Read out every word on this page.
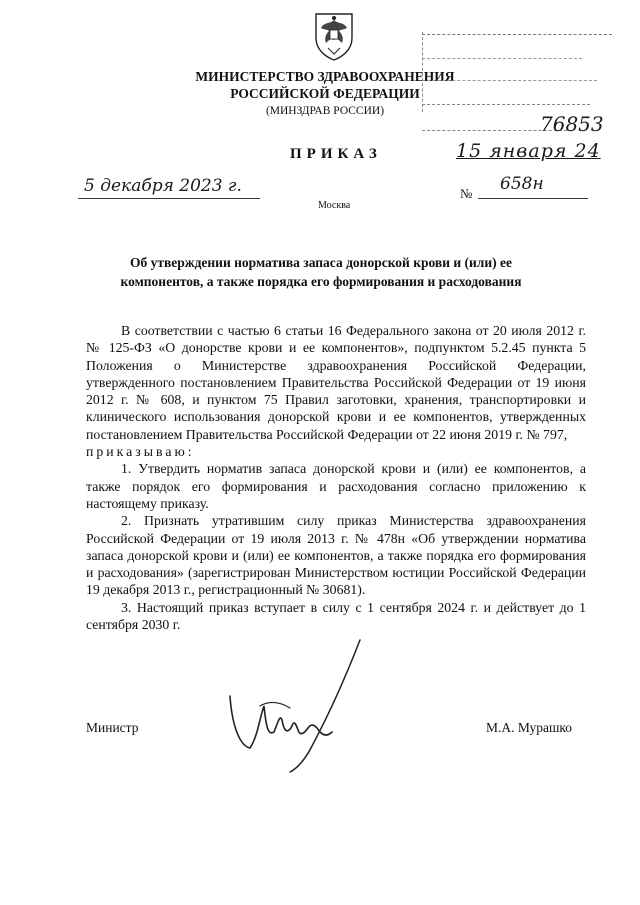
МИНИСТЕРСТВО ЗДРАВООХРАНЕНИЯ
РОССИЙСКОЙ ФЕДЕРАЦИИ
(МИНЗДРАВ РОССИИ)
76853
15 января 24
ПРИКАЗ
5 декабря 2023 г.	№ 658н
Москва
Об утверждении норматива запаса донорской крови и (или) ее компонентов, а также порядка его формирования и расходования

В соответствии с частью 6 статьи 16 Федерального закона от 20 июля 2012 г. № 125-ФЗ «О донорстве крови и ее компонентов», подпунктом 5.2.45 пункта 5 Положения о Министерстве здравоохранения Российской Федерации, утвержденного постановлением Правительства Российской Федерации от 19 июня 2012 г. № 608, и пунктом 75 Правил заготовки, хранения, транспортировки и клинического использования донорской крови и ее компонентов, утвержденных постановлением Правительства Российской Федерации от 22 июня 2019 г. № 797,

приказываю:

1. Утвердить норматив запаса донорской крови и (или) ее компонентов, а также порядок его формирования и расходования согласно приложению к настоящему приказу.

2. Признать утратившим силу приказ Министерства здравоохранения Российской Федерации от 19 июля 2013 г. № 478н «Об утверждении норматива запаса донорской крови и (или) ее компонентов, а также порядка его формирования и расходования» (зарегистрирован Министерством юстиции Российской Федерации 19 декабря 2013 г., регистрационный № 30681).

3. Настоящий приказ вступает в силу с 1 сентября 2024 г. и действует до 1 сентября 2030 г.

Министр	М.А. Мурашко
